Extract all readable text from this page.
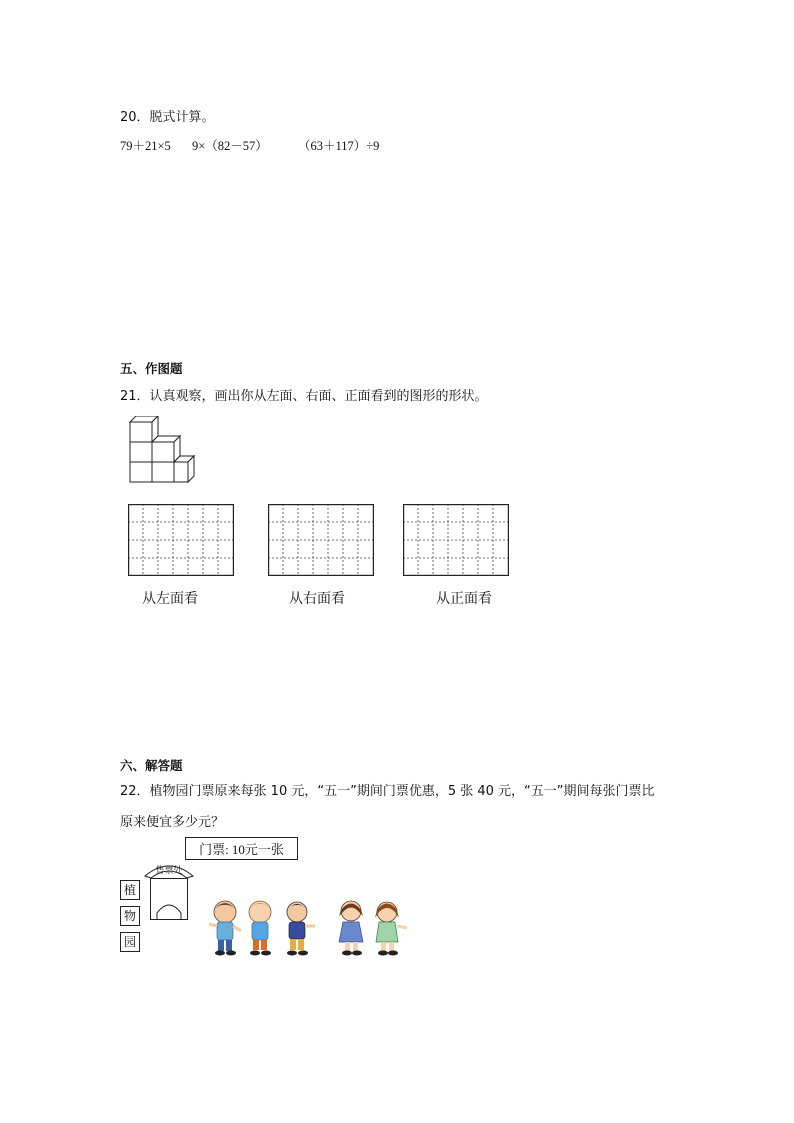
20．脱式计算。
79＋21×5 9×（82－57） （63＋117）÷9
五、作图题
21．认真观察，画出你从左面、右面、正面看到的图形的形状。
从左面看	从右面看	从正面看
六、解答题
22．植物园门票原来每张 10 元，“五一”期间门票优惠，5 张 40 元，“五一”期间每张门票比
原来便宜多少元？
门票: 10元一张
售票处
植
物
园
